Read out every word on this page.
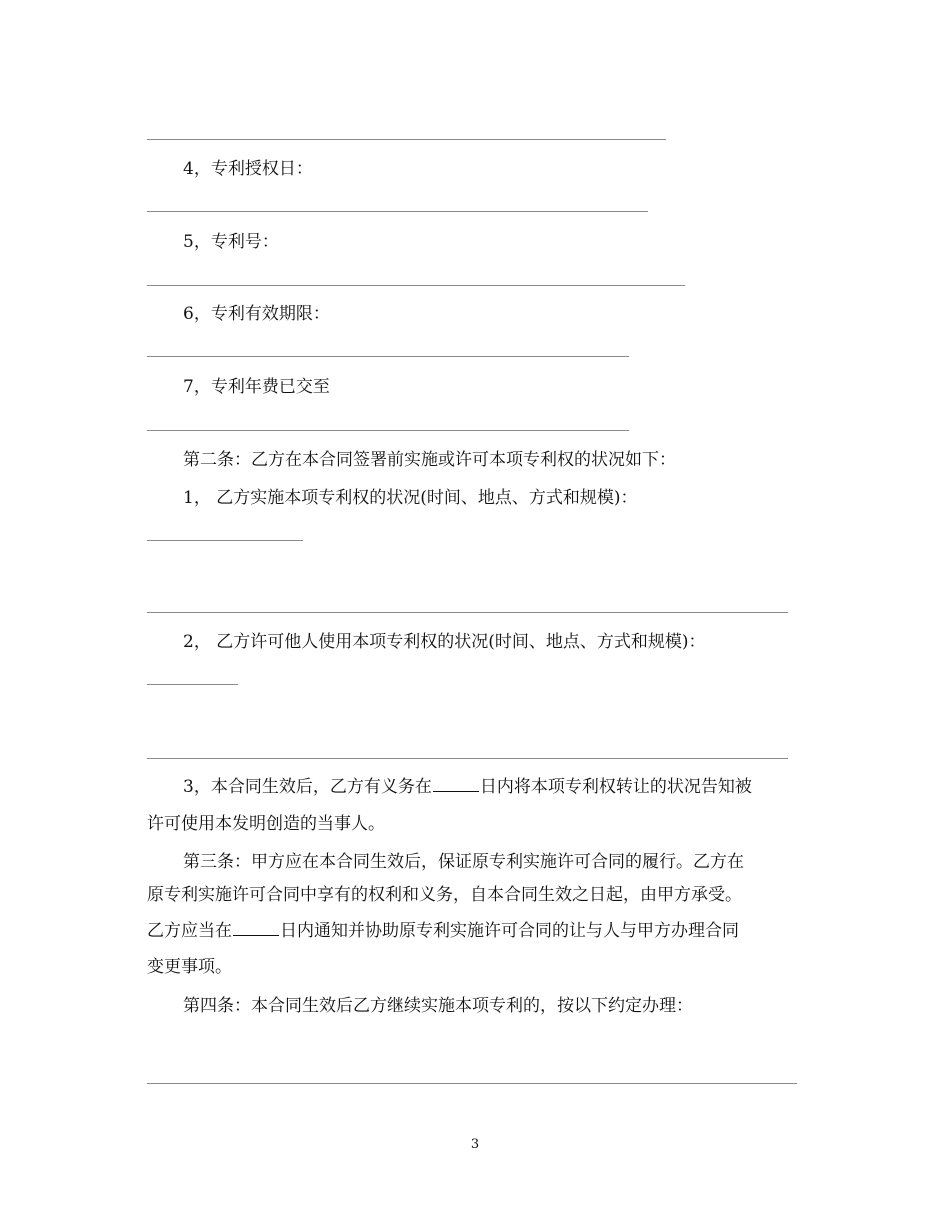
4，专利授权日：
5，专利号：
6，专利有效期限：
7，专利年费已交至
第二条：乙方在本合同签署前实施或许可本项专利权的状况如下：
1， 乙方实施本项专利权的状况(时间、地点、方式和规模)：
2， 乙方许可他人使用本项专利权的状况(时间、地点、方式和规模)：
3，本合同生效后，乙方有义务在	日内将本项专利权转让的状况告知被
许可使用本发明创造的当事人。
第三条：甲方应在本合同生效后，保证原专利实施许可合同的履行。乙方在
原专利实施许可合同中享有的权利和义务，自本合同生效之日起，由甲方承受。
乙方应当在	日内通知并协助原专利实施许可合同的让与人与甲方办理合同
变更事项。
第四条：本合同生效后乙方继续实施本项专利的，按以下约定办理：
3
